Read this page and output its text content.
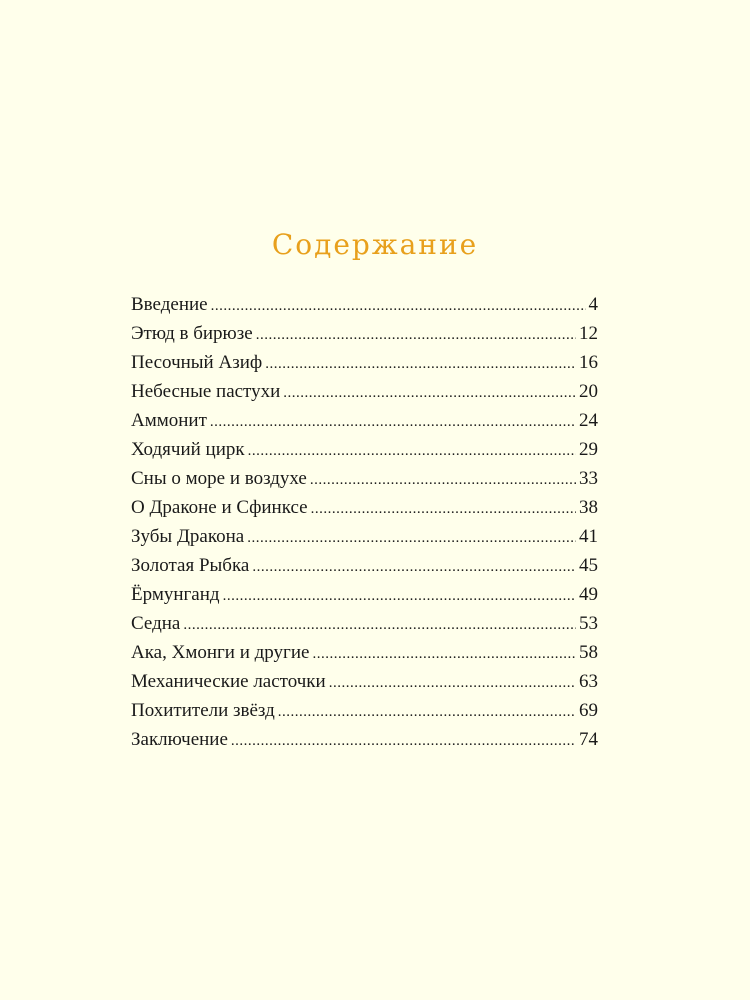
Содержание
Введение .....	4
Этюд в бирюзе .....	12
Песочный Азиф .....	16
Небесные пастухи .....	20
Аммонит .....	24
Ходячий цирк .....	29
Сны о море и воздухе .....	33
О Драконе и Сфинксе .....	38
Зубы Дракона .....	41
Золотая Рыбка .....	45
Ёрмунганд .....	49
Седна .....	53
Ака, Хмонги и другие .....	58
Механические ласточки .....	63
Похитители звёзд .....	69
Заключение .....	74
